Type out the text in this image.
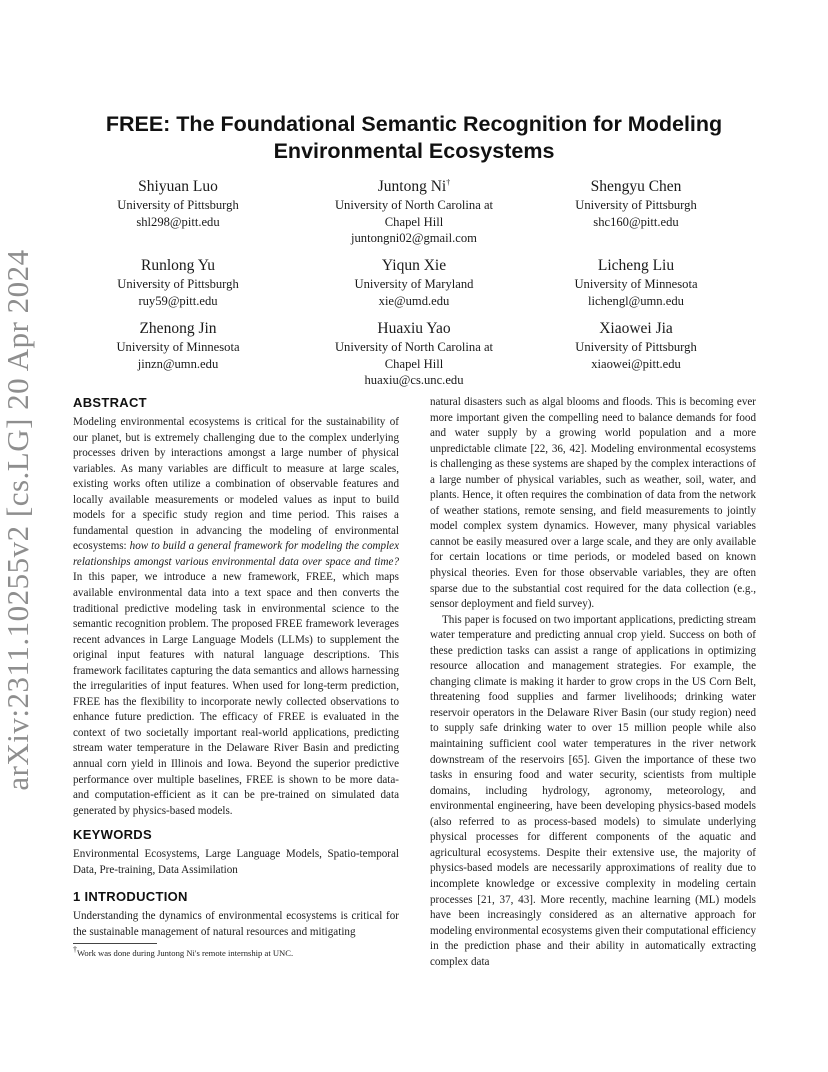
arXiv:2311.10255v2 [cs.LG] 20 Apr 2024
FREE: The Foundational Semantic Recognition for Modeling Environmental Ecosystems
Shiyuan Luo
University of Pittsburgh
shl298@pitt.edu
Juntong Ni†
University of North Carolina at
Chapel Hill
juntongni02@gmail.com
Shengyu Chen
University of Pittsburgh
shc160@pitt.edu
Runlong Yu
University of Pittsburgh
ruy59@pitt.edu
Yiqun Xie
University of Maryland
xie@umd.edu
Licheng Liu
University of Minnesota
lichengl@umn.edu
Zhenong Jin
University of Minnesota
jinzn@umn.edu
Huaxiu Yao
University of North Carolina at
Chapel Hill
huaxiu@cs.unc.edu
Xiaowei Jia
University of Pittsburgh
xiaowei@pitt.edu
ABSTRACT
Modeling environmental ecosystems is critical for the sustainability of our planet, but is extremely challenging due to the complex underlying processes driven by interactions amongst a large number of physical variables. As many variables are difficult to measure at large scales, existing works often utilize a combination of observable features and locally available measurements or modeled values as input to build models for a specific study region and time period. This raises a fundamental question in advancing the modeling of environmental ecosystems: how to build a general framework for modeling the complex relationships amongst various environmental data over space and time? In this paper, we introduce a new framework, FREE, which maps available environmental data into a text space and then converts the traditional predictive modeling task in environmental science to the semantic recognition problem. The proposed FREE framework leverages recent advances in Large Language Models (LLMs) to supplement the original input features with natural language descriptions. This framework facilitates capturing the data semantics and allows harnessing the irregularities of input features. When used for long-term prediction, FREE has the flexibility to incorporate newly collected observations to enhance future prediction. The efficacy of FREE is evaluated in the context of two societally important real-world applications, predicting stream water temperature in the Delaware River Basin and predicting annual corn yield in Illinois and Iowa. Beyond the superior predictive performance over multiple baselines, FREE is shown to be more data- and computation-efficient as it can be pre-trained on simulated data generated by physics-based models.
KEYWORDS
Environmental Ecosystems, Large Language Models, Spatio-temporal Data, Pre-training, Data Assimilation
1 INTRODUCTION
Understanding the dynamics of environmental ecosystems is critical for the sustainable management of natural resources and mitigating
†Work was done during Juntong Ni's remote internship at UNC.
natural disasters such as algal blooms and floods. This is becoming ever more important given the compelling need to balance demands for food and water supply by a growing world population and a more unpredictable climate [22, 36, 42]. Modeling environmental ecosystems is challenging as these systems are shaped by the complex interactions of a large number of physical variables, such as weather, soil, water, and plants. Hence, it often requires the combination of data from the network of weather stations, remote sensing, and field measurements to jointly model complex system dynamics. However, many physical variables cannot be easily measured over a large scale, and they are only available for certain locations or time periods, or modeled based on known physical theories. Even for those observable variables, they are often sparse due to the substantial cost required for the data collection (e.g., sensor deployment and field survey).
This paper is focused on two important applications, predicting stream water temperature and predicting annual crop yield. Success on both of these prediction tasks can assist a range of applications in optimizing resource allocation and management strategies. For example, the changing climate is making it harder to grow crops in the US Corn Belt, threatening food supplies and farmer livelihoods; drinking water reservoir operators in the Delaware River Basin (our study region) need to supply safe drinking water to over 15 million people while also maintaining sufficient cool water temperatures in the river network downstream of the reservoirs [65]. Given the importance of these two tasks in ensuring food and water security, scientists from multiple domains, including hydrology, agronomy, meteorology, and environmental engineering, have been developing physics-based models (also referred to as process-based models) to simulate underlying physical processes for different components of the aquatic and agricultural ecosystems. Despite their extensive use, the majority of physics-based models are necessarily approximations of reality due to incomplete knowledge or excessive complexity in modeling certain processes [21, 37, 43]. More recently, machine learning (ML) models have been increasingly considered as an alternative approach for modeling environmental ecosystems given their computational efficiency in the prediction phase and their ability in automatically extracting complex data
